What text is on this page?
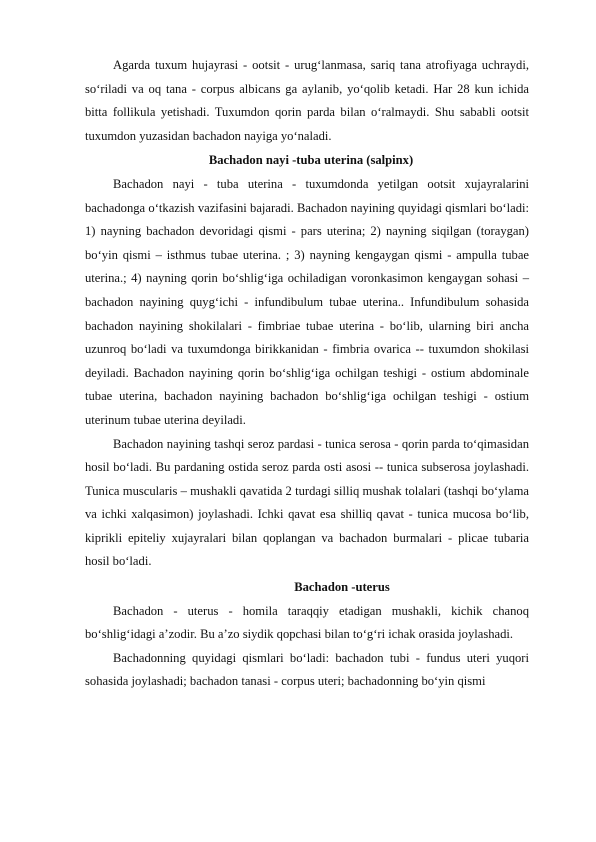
Agarda tuxum hujayrasi - ootsit - urug‘lanmasa, sariq tana atrofiyaga uchraydi, so‘riladi va oq tana - corpus albicans ga aylanib, yo‘qolib ketadi. Har 28 kun ichida bitta follikula yetishadi. Tuxumdon qorin parda bilan o‘ralmaydi. Shu sababli ootsit tuxumdon yuzasidan bachadon nayiga yo‘naladi.

Bachadon nayi -tuba uterina (salpinx)

Bachadon nayi - tuba uterina - tuxumdonda yetilgan ootsit xujayralarini bachadonga o‘tkazish vazifasini bajaradi. Bachadon nayining quyidagi qismlari bo‘ladi: 1) nayning bachadon devoridagi qismi - pars uterina; 2) nayning siqilgan (toraygan) bo‘yin qismi – isthmus tubae uterina. ; 3) nayning kengaygan qismi - ampulla tubae uterina.; 4) nayning qorin bo‘shlig‘iga ochiladigan voronkasimon kengaygan sohasi – bachadon nayining quyg‘ichi - infundibulum tubae uterina.. Infundibulum sohasida bachadon nayining shokilalari - fimbriae tubae uterina - bo‘lib, ularning biri ancha uzunroq bo‘ladi va tuxumdonga birikkanidan - fimbria ovarica -- tuxumdon shokilasi deyiladi. Bachadon nayining qorin bo‘shlig‘iga ochilgan teshigi - ostium abdominale tubae uterina, bachadon nayining bachadon bo‘shlig‘iga ochilgan teshigi - ostium uterinum tubae uterina deyiladi.

Bachadon nayining tashqi seroz pardasi - tunica serosa - qorin parda to‘qimasidan hosil bo‘ladi. Bu pardaning ostida seroz parda osti asosi -- tunica subserosa joylashadi. Tunica muscularis – mushakli qavatida 2 turdagi silliq mushak tolalari (tashqi bo‘ylama va ichki xalqasimon) joylashadi. Ichki qavat esa shilliq qavat - tunica mucosa bo‘lib, kiprikli epiteliy xujayralari bilan qoplangan va bachadon burmalari - plicae tubaria hosil bo‘ladi.

Bachadon -uterus

Bachadon - uterus - homila taraqqiy etadigan mushakli, kichik chanoq bo‘shlig‘idagi a’zodir. Bu a’zo siydik qopchasi bilan to‘g‘ri ichak orasida joylashadi.

Bachadonning quyidagi qismlari bo‘ladi: bachadon tubi - fundus uteri yuqori sohasida joylashadi; bachadon tanasi - corpus uteri; bachadonning bo‘yin qismi
